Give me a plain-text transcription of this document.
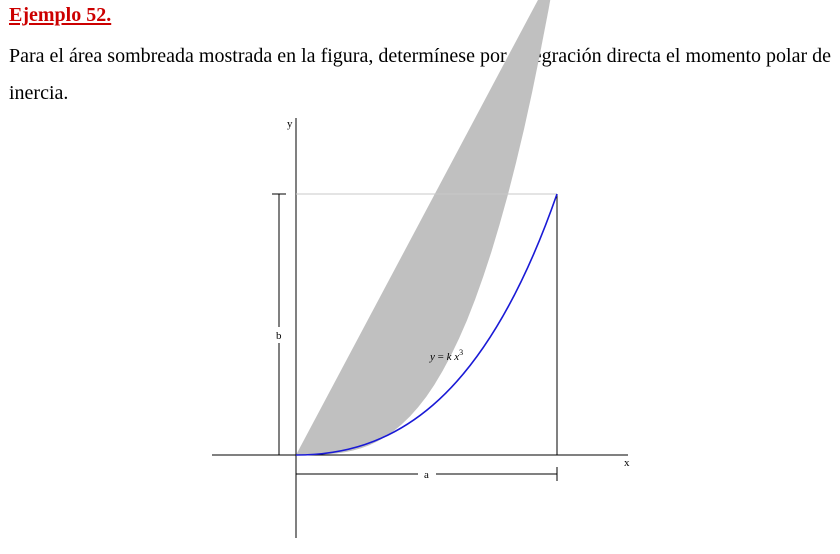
Ejemplo 52.
Para el área sombreada mostrada en la figura, determínese por integración directa el momento polar de inercia.
b
a
y
x
y = k $x^3$
